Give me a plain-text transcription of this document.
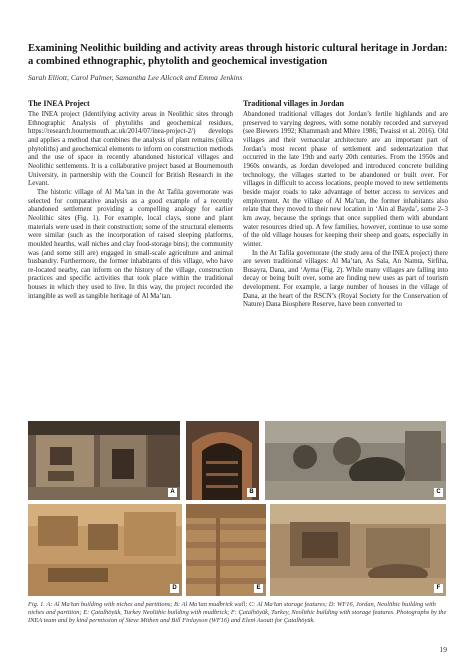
Examining Neolithic building and activity areas through historic cultural heritage in Jordan: a combined ethnographic, phytolith and geochemical investigation
Sarah Elliott, Carol Palmer, Samantha Lee Allcock and Emma Jenkins
The INEA Project

The INEA project (Identifying activity areas in Neolithic sites through Ethnographic Analysis of phytoliths and geochemical residues, https://research.bournemouth.ac.uk/2014/07/inea-project-2/) develops and applies a method that combines the analysis of plant remains (silica phytoliths) and geochemical elements to inform on construction methods and the use of space in recently abandoned historical villages and Neolithic settlements. It is a collaborative project based at Bournemouth University, in partnership with the Council for British Research in the Levant.

The historic village of Al Ma’tan in the At Tafila governorate was selected for comparative analysis as a good example of a recently abandoned settlement providing a compelling analogy for earlier Neolithic sites (Fig. 1). For example, local clays, stone and plant materials were used in their construction; some of the structural elements were similar (such as the incorporation of raised sleeping platforms, moulded hearths, wall niches and clay food-storage bins); the community was (and some still are) engaged in small-scale agriculture and animal husbandry. Furthermore, the former inhabitants of this village, who have re-located nearby, can inform on the history of the village, construction practices and specific activities that took place within the traditional houses in which they used to live. In this way, the project recorded the intangible as well as tangible heritage of Al Ma’tan.

Traditional villages in Jordan

Abandoned traditional villages dot Jordan’s fertile highlands and are preserved to varying degrees, with some notably recorded and surveyed (see Biewers 1992; Khammash and Mhire 1986; Twaissi et al. 2016). Old villages and their vernacular architecture are an important part of Jordan’s most recent phase of settlement and sedentarization that occurred in the late 19th and early 20th centuries. From the 1950s and 1960s onwards, as Jordan developed and introduced concrete building technology, the villages started to be abandoned or built over. For villages in difficult to access locations, people moved to new settlements beside major roads to take advantage of better access to services and employment. At the village of Al Ma’tan, the former inhabitants also relate that they moved to their new location in ‘Ain al Bayda’, some 2–3 km away, because the springs that once supplied them with abundant water resources dried up. A few families, however, continue to use some of the old village houses for keeping their sheep and goats, especially in winter.

In the At Tafila governorate (the study area of the INEA project) there are seven traditional villages: Al Ma’tan, As Sala, An Namta, Sirfiha, Busayra, Dana, and ‘Ayma (Fig. 2). While many villages are falling into decay or being built over, some are finding new uses as part of tourism development. For example, a large number of houses in the village of Dana, at the heart of the RSCN’s (Royal Society for the Conservation of Nature) Dana Biosphere Reserve, have been converted to

A	B	C
D	E	F
Fig. 1. A: Al Ma’tan building with niches and partitions; B: Al Ma’tan mudbrick wall; C: Al Ma’tan storage features; D: WF16, Jordan, Neolithic building with niches and partition; E: Çatalhöyük, Turkey Neolithic building with mudbrick; F: Çatalhöyük, Turkey, Neolithic building with storage features. Photographs by the INEA team and by kind permission of Steve Mithen and Bill Finlayson (WF16) and Eleni Asouti for Çatalhöyük.
19
